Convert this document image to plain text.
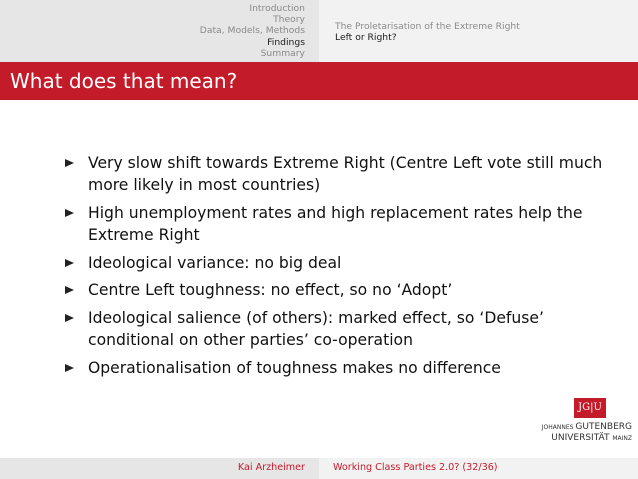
Introduction
Theory
Data, Models, Methods
Findings
Summary
The Proletarisation of the Extreme Right
Left or Right?
What does that mean?
Very slow shift towards Extreme Right (Centre Left vote still much more likely in most countries)
High unemployment rates and high replacement rates help the Extreme Right
Ideological variance: no big deal
Centre Left toughness: no effect, so no ‘Adopt’
Ideological salience (of others): marked effect, so ‘Defuse’ conditional on other parties’ co-operation
Operationalisation of toughness makes no difference
JG|U
JOHANNES GUTENBERG
UNIVERSITÄT MAINZ
Kai Arzheimer	Working Class Parties 2.0? (32/36)
